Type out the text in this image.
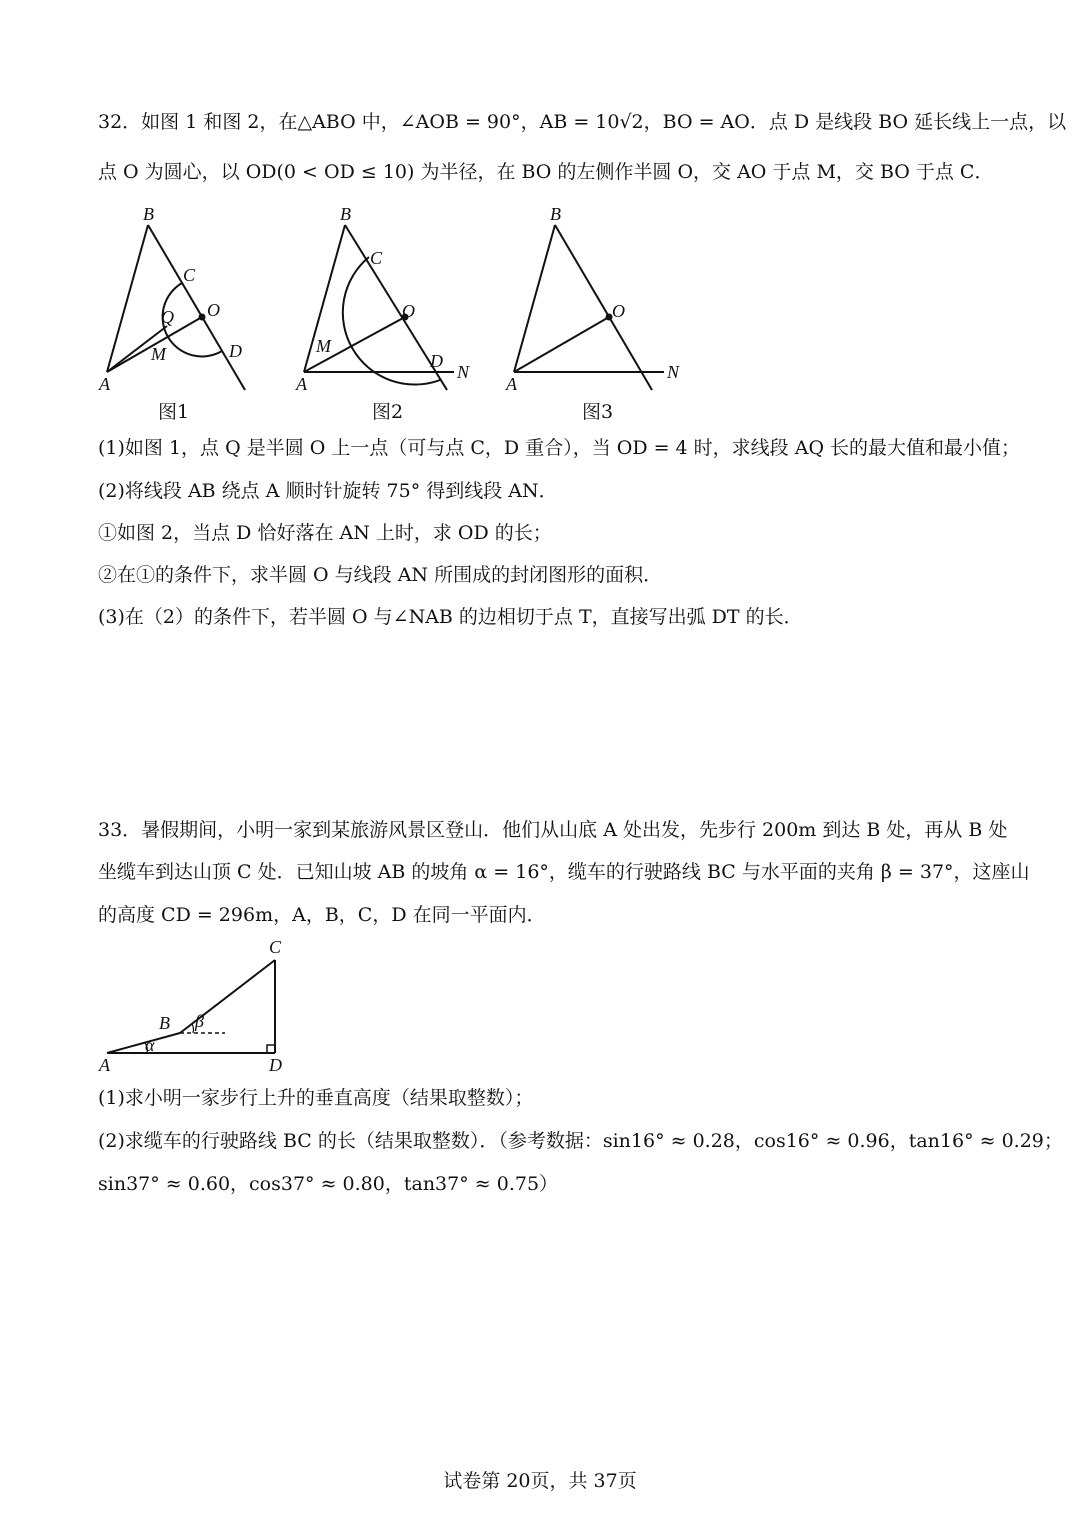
32．如图 1 和图 2，在△ABO 中，∠AOB = 90°，AB = 10√2，BO = AO．点 D 是线段 BO 延长线上一点，以
点 O 为圆心，以 OD(0 < OD ≤ 10) 为半径，在 BO 的左侧作半圆 O，交 AO 于点 M，交 BO 于点 C．
B
C
O
Q
M	D
A
B
C
O
M
D
N
A
B
O
N
A
图1	图2	图3
(1)如图 1，点 Q 是半圆 O 上一点（可与点 C，D 重合），当 OD = 4 时，求线段 AQ 长的最大值和最小值；
(2)将线段 AB 绕点 A 顺时针旋转 75° 得到线段 AN．
①如图 2，当点 D 恰好落在 AN 上时，求 OD 的长；
②在①的条件下，求半圆 O 与线段 AN 所围成的封闭图形的面积．
(3)在（2）的条件下，若半圆 O 与∠NAB 的边相切于点 T，直接写出弧 DT 的长．
33．暑假期间，小明一家到某旅游风景区登山．他们从山底 A 处出发，先步行 200m 到达 B 处，再从 B 处
坐缆车到达山顶 C 处．已知山坡 AB 的坡角 α = 16°，缆车的行驶路线 BC 与水平面的夹角 β = 37°，这座山
的高度 CD = 296m，A，B，C，D 在同一平面内．
C
B β
α
A	D
(1)求小明一家步行上升的垂直高度（结果取整数）；
(2)求缆车的行驶路线 BC 的长（结果取整数）．（参考数据：sin16° ≈ 0.28，cos16° ≈ 0.96，tan16° ≈ 0.29；
sin37° ≈ 0.60，cos37° ≈ 0.80，tan37° ≈ 0.75）
试卷第 20页，共 37页
